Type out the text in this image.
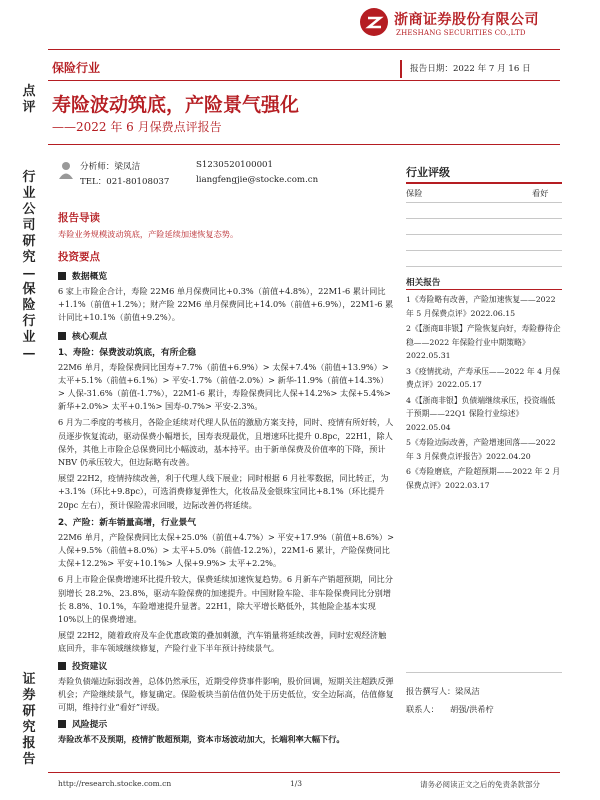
浙商证券股份有限公司
ZHESHANG SECURITIES CO.,LTD
保险行业	报告日期：2022 年 7 月 16 日
点
评
行
业
公
司
研
究
—
保
险
行
业
—
证
券
研
究
报
告
寿险波动筑底，产险景气强化
——2022 年 6 月保费点评报告
分析师：梁凤洁	S1230520100001
TEL：021-80108037	liangfengjie@stocke.com.cn
行业评级
保险	看好
报告导读
寿险业务规模波动筑底，产险延续加速恢复态势。
投资要点
数据概览

6 家上市险企合计，寿险 22M6 单月保费同比+0.3%（前值+4.8%），22M1-6 累计同比+1.1%（前值+1.2%）；财产险 22M6 单月保费同比+14.0%（前值+6.9%），22M1-6 累计同比+10.1%（前值+9.2%）。

核心观点
1、寿险：保费波动筑底，有所企稳

22M6 单月，寿险保费同比国寿+7.7%（前值+6.9%）> 太保+7.4%（前值+13.9%）> 太平+5.1%（前值+6.1%）> 平安-1.7%（前值-2.0%）> 新华-11.9%（前值+14.3%）> 人保-31.6%（前值-1.7%），22M1-6 累计，寿险保费同比人保+14.2%> 太保+5.4%> 新华+2.0%> 太平+0.1%> 国寿-0.7%> 平安-2.3%。

6 月为二季度的考核月，各险企延续对代理人队伍的激励方案支持，同时、疫情有所好转，人员逐步恢复流动，驱动保费小幅增长，国寿表现最优，且增速环比提升 0.8pc，22H1，除人保外，其他上市险企总保费同比小幅波动，基本持平。由于新单保费及价值率的下降，预计 NBV 仍承压较大，但边际略有改善。

展望 22H2，疫情持续改善，利于代理人线下展业；同时根据 6 月社零数据，同比转正，为+3.1%（环比+9.8pc），可选消费修复弹性大，化妆品及金银珠宝同比+8.1%（环比提升 20pc 左右），预计保险需求回暖，边际改善仍将延续。

2、产险：新车销量高增，行业景气

22M6 单月，产险保费同比太保+25.0%（前值+4.7%）> 平安+17.9%（前值+8.6%）> 人保+9.5%（前值+8.0%）> 太平+5.0%（前值-12.2%），22M1-6 累计，产险保费同比太保+12.2%> 平安+10.1%> 人保+9.9%> 太平+2.2%。

6 月上市险企保费增速环比提升较大，保费延续加速恢复趋势。6 月新车产销超预期，同比分别增长 28.2%、23.8%，驱动车险保费的加速提升。中国财险车险、非车险保费同比分别增长 8.8%、10.1%，车险增速提升显著。22H1，除大平增长略低外，其他险企基本实现 10%以上的保费增速。

展望 22H2，随着政府及车企优惠政策的叠加刺激，汽车销量将延续改善，同时宏观经济触底回升，非车领域继续修复，产险行业下半年预计持续景气。

投资建议

寿险负债端边际弱改善，总体仍然承压，近期受停贷事件影响，股价回调，短期关注超跌反弹机会；产险继续景气，修复确定。保险板块当前估值仍处于历史低位，安全边际高，估值修复可期，维持行业“看好”评级。

风险提示

寿险改革不及预期，疫情扩散超预期，资本市场波动加大，长端利率大幅下行。

相关报告
1《寿险略有改善，产险加速恢复——2022 年 5 月保费点评》2022.06.15
2《【浙商Ⅱ非银】产险恢复向好，寿险静待企稳——2022 年保险行业中期策略》2022.05.31
3《疫情扰动，产寿承压——2022 年 4 月保费点评》2022.05.17
4《【浙商非银】负债端继续承压，投资端低于预期——22Q1 保险行业综述》2022.05.04
5《寿险边际改善，产险增速回落——2022 年 3 月保费点评报告》2022.04.20
6《寿险磨底，产险超预期——2022 年 2 月保费点评》2022.03.17
报告撰写人：梁凤洁
联系人： 胡强/洪希柠
http://research.stocke.com.cn	1/3	请务必阅读正文之后的免责条款部分
